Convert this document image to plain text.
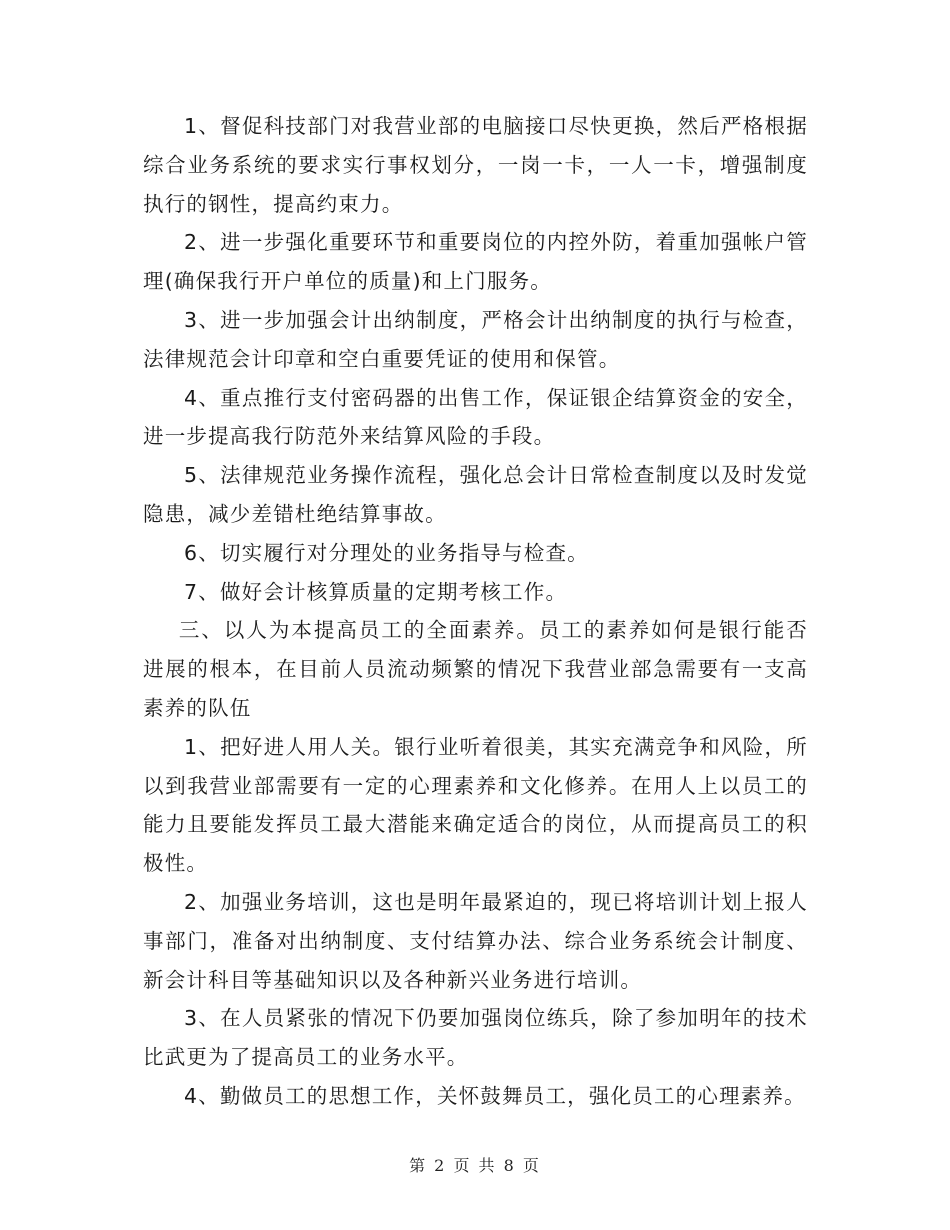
1、督促科技部门对我营业部的电脑接口尽快更换，然后严格根据综合业务系统的要求实行事权划分，一岗一卡，一人一卡，增强制度执行的钢性，提高约束力。

2、进一步强化重要环节和重要岗位的内控外防，着重加强帐户管理(确保我行开户单位的质量)和上门服务。

3、进一步加强会计出纳制度，严格会计出纳制度的执行与检查，法律规范会计印章和空白重要凭证的使用和保管。

4、重点推行支付密码器的出售工作，保证银企结算资金的安全，进一步提高我行防范外来结算风险的手段。

5、法律规范业务操作流程，强化总会计日常检查制度以及时发觉隐患，减少差错杜绝结算事故。

6、切实履行对分理处的业务指导与检查。

7、做好会计核算质量的定期考核工作。

三、以人为本提高员工的全面素养。员工的素养如何是银行能否进展的根本，在目前人员流动频繁的情况下我营业部急需要有一支高素养的队伍

1、把好进人用人关。银行业听着很美，其实充满竞争和风险，所以到我营业部需要有一定的心理素养和文化修养。在用人上以员工的能力且要能发挥员工最大潜能来确定适合的岗位，从而提高员工的积极性。

2、加强业务培训，这也是明年最紧迫的，现已将培训计划上报人事部门，准备对出纳制度、支付结算办法、综合业务系统会计制度、新会计科目等基础知识以及各种新兴业务进行培训。

3、在人员紧张的情况下仍要加强岗位练兵，除了参加明年的技术比武更为了提高员工的业务水平。

4、勤做员工的思想工作，关怀鼓舞员工，强化员工的心理素养。

第 2 页 共 8 页
